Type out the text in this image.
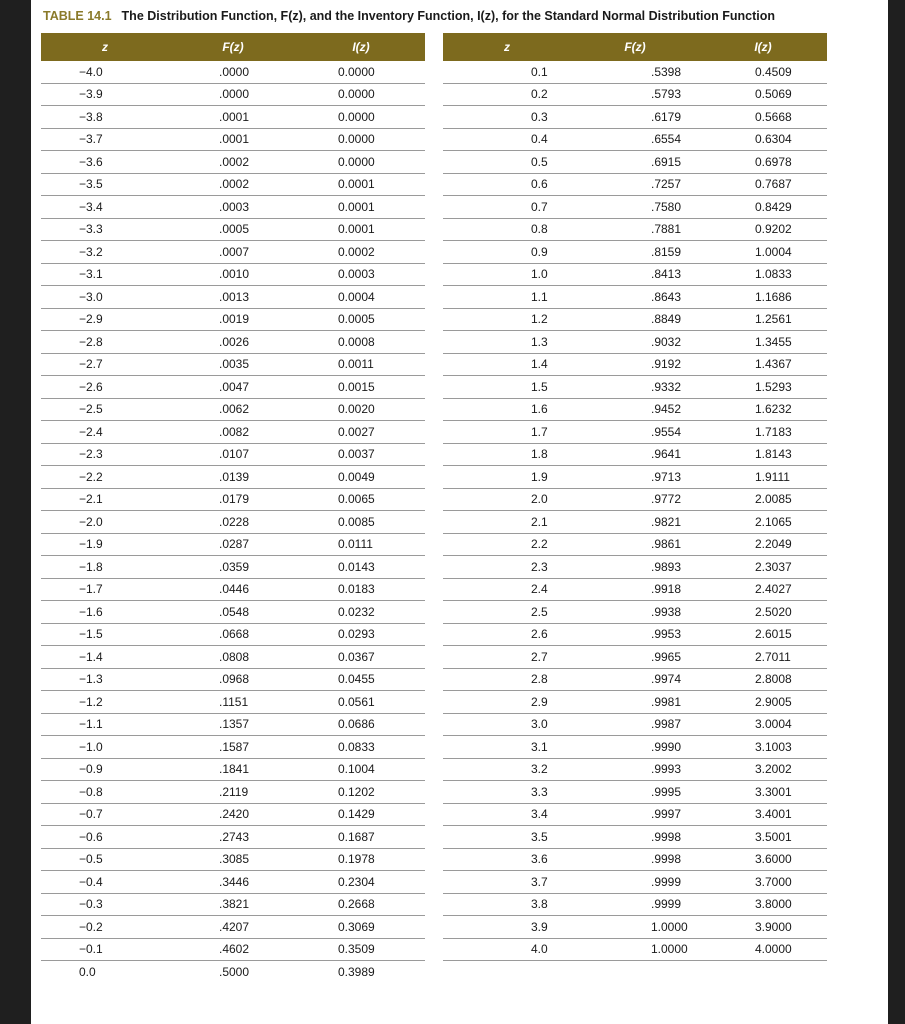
TABLE 14.1 The Distribution Function, F(z), and the Inventory Function, I(z), for the Standard Normal Distribution Function
z	F(z)	I(z)
−4.0	.0000	0.0000
−3.9	.0000	0.0000
−3.8	.0001	0.0000
−3.7	.0001	0.0000
−3.6	.0002	0.0000
−3.5	.0002	0.0001
−3.4	.0003	0.0001
−3.3	.0005	0.0001
−3.2	.0007	0.0002
−3.1	.0010	0.0003
−3.0	.0013	0.0004
−2.9	.0019	0.0005
−2.8	.0026	0.0008
−2.7	.0035	0.0011
−2.6	.0047	0.0015
−2.5	.0062	0.0020
−2.4	.0082	0.0027
−2.3	.0107	0.0037
−2.2	.0139	0.0049
−2.1	.0179	0.0065
−2.0	.0228	0.0085
−1.9	.0287	0.0111
−1.8	.0359	0.0143
−1.7	.0446	0.0183
−1.6	.0548	0.0232
−1.5	.0668	0.0293
−1.4	.0808	0.0367
−1.3	.0968	0.0455
−1.2	.1151	0.0561
−1.1	.1357	0.0686
−1.0	.1587	0.0833
−0.9	.1841	0.1004
−0.8	.2119	0.1202
−0.7	.2420	0.1429
−0.6	.2743	0.1687
−0.5	.3085	0.1978
−0.4	.3446	0.2304
−0.3	.3821	0.2668
−0.2	.4207	0.3069
−0.1	.4602	0.3509
0.0	.5000	0.3989
z	F(z)	I(z)
0.1	.5398	0.4509
0.2	.5793	0.5069
0.3	.6179	0.5668
0.4	.6554	0.6304
0.5	.6915	0.6978
0.6	.7257	0.7687
0.7	.7580	0.8429
0.8	.7881	0.9202
0.9	.8159	1.0004
1.0	.8413	1.0833
1.1	.8643	1.1686
1.2	.8849	1.2561
1.3	.9032	1.3455
1.4	.9192	1.4367
1.5	.9332	1.5293
1.6	.9452	1.6232
1.7	.9554	1.7183
1.8	.9641	1.8143
1.9	.9713	1.9111
2.0	.9772	2.0085
2.1	.9821	2.1065
2.2	.9861	2.2049
2.3	.9893	2.3037
2.4	.9918	2.4027
2.5	.9938	2.5020
2.6	.9953	2.6015
2.7	.9965	2.7011
2.8	.9974	2.8008
2.9	.9981	2.9005
3.0	.9987	3.0004
3.1	.9990	3.1003
3.2	.9993	3.2002
3.3	.9995	3.3001
3.4	.9997	3.4001
3.5	.9998	3.5001
3.6	.9998	3.6000
3.7	.9999	3.7000
3.8	.9999	3.8000
3.9	1.0000	3.9000
4.0	1.0000	4.0000
